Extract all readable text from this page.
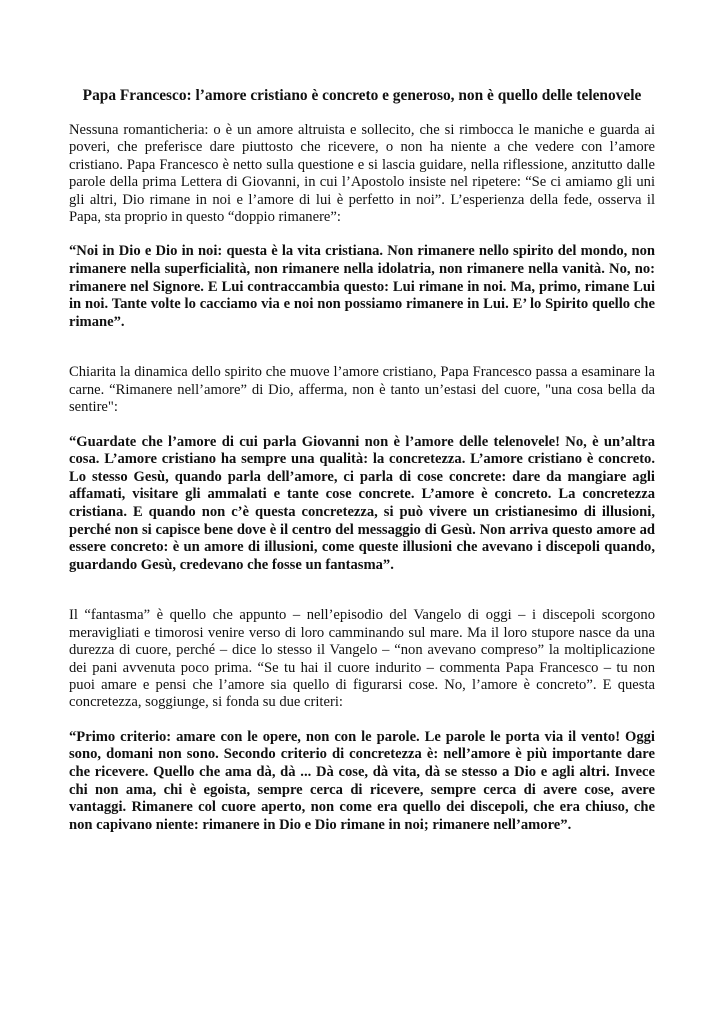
Papa Francesco: l’amore cristiano è concreto e generoso, non è quello delle telenovele

Nessuna romanticheria: o è un amore altruista e sollecito, che si rimbocca le maniche e guarda ai poveri, che preferisce dare piuttosto che ricevere, o non ha niente a che vedere con l’amore cristiano. Papa Francesco è netto sulla questione e si lascia guidare, nella riflessione, anzitutto dalle parole della prima Lettera di Giovanni, in cui l’Apostolo insiste nel ripetere: “Se ci amiamo gli uni gli altri, Dio rimane in noi e l’amore di lui è perfetto in noi”. L’esperienza della fede, osserva il Papa, sta proprio in questo “doppio rimanere”:

“Noi in Dio e Dio in noi: questa è la vita cristiana. Non rimanere nello spirito del mondo, non rimanere nella superficialità, non rimanere nella idolatria, non rimanere nella vanità. No, no: rimanere nel Signore. E Lui contraccambia questo: Lui rimane in noi. Ma, primo, rimane Lui in noi. Tante volte lo cacciamo via e noi non possiamo rimanere in Lui. E’ lo Spirito quello che rimane”.

Chiarita la dinamica dello spirito che muove l’amore cristiano, Papa Francesco passa a esaminare la carne. “Rimanere nell’amore” di Dio, afferma, non è tanto un’estasi del cuore, "una cosa bella da sentire":

“Guardate che l’amore di cui parla Giovanni non è l’amore delle telenovele! No, è un’altra cosa. L’amore cristiano ha sempre una qualità: la concretezza. L’amore cristiano è concreto. Lo stesso Gesù, quando parla dell’amore, ci parla di cose concrete: dare da mangiare agli affamati, visitare gli ammalati e tante cose concrete. L’amore è concreto. La concretezza cristiana. E quando non c’è questa concretezza, si può vivere un cristianesimo di illusioni, perché non si capisce bene dove è il centro del messaggio di Gesù. Non arriva questo amore ad essere concreto: è un amore di illusioni, come queste illusioni che avevano i discepoli quando, guardando Gesù, credevano che fosse un fantasma”.

Il “fantasma” è quello che appunto – nell’episodio del Vangelo di oggi – i discepoli scorgono meravigliati e timorosi venire verso di loro camminando sul mare. Ma il loro stupore nasce da una durezza di cuore, perché – dice lo stesso il Vangelo – “non avevano compreso” la moltiplicazione dei pani avvenuta poco prima. “Se tu hai il cuore indurito – commenta Papa Francesco – tu non puoi amare e pensi che l’amore sia quello di figurarsi cose. No, l’amore è concreto”. E questa concretezza, soggiunge, si fonda su due criteri:

“Primo criterio: amare con le opere, non con le parole. Le parole le porta via il vento! Oggi sono, domani non sono. Secondo criterio di concretezza è: nell’amore è più importante dare che ricevere. Quello che ama dà, dà ... Dà cose, dà vita, dà se stesso a Dio e agli altri. Invece chi non ama, chi è egoista, sempre cerca di ricevere, sempre cerca di avere cose, avere vantaggi. Rimanere col cuore aperto, non come era quello dei discepoli, che era chiuso, che non capivano niente: rimanere in Dio e Dio rimane in noi; rimanere nell’amore”.
